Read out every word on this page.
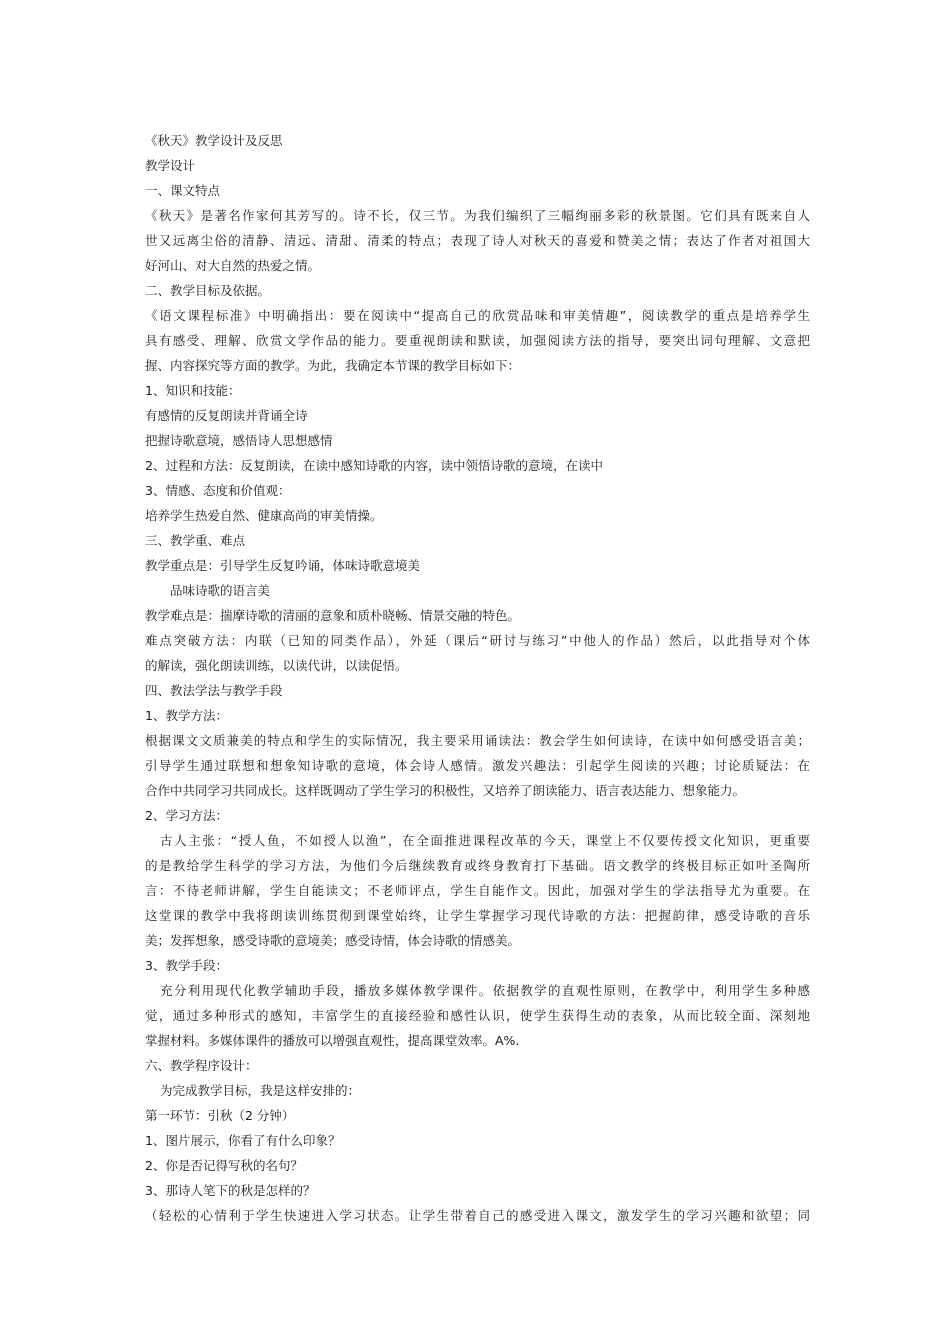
《秋天》教学设计及反思
教学设计
一、课文特点
《秋天》是著名作家何其芳写的。诗不长，仅三节。为我们编织了三幅绚丽多彩的秋景图。它们具有既来自人
世又远离尘俗的清静、清远、清甜、清柔的特点；表现了诗人对秋天的喜爱和赞美之情；表达了作者对祖国大
好河山、对大自然的热爱之情。
二、教学目标及依据。
《语文课程标准》中明确指出：要在阅读中“提高自己的欣赏品味和审美情趣”，阅读教学的重点是培养学生
具有感受、理解、欣赏文学作品的能力。要重视朗读和默读，加强阅读方法的指导，要突出词句理解、文意把
握、内容探究等方面的教学。为此，我确定本节课的教学目标如下：
1、知识和技能：
有感情的反复朗读并背诵全诗
把握诗歌意境，感悟诗人思想感情
2、过程和方法：反复朗读，在读中感知诗歌的内容，读中领悟诗歌的意境，在读中
3、情感、态度和价值观：
培养学生热爱自然、健康高尚的审美情操。
三、教学重、难点
教学重点是：引导学生反复吟诵，体味诗歌意境美
品味诗歌的语言美
教学难点是：揣摩诗歌的清丽的意象和质朴晓畅、情景交融的特色。
难点突破方法：内联（已知的同类作品），外延（课后“研讨与练习”中他人的作品）然后，以此指导对个体
的解读，强化朗读训练，以读代讲，以读促悟。
四、教法学法与教学手段
1、教学方法：
根据课文文质兼美的特点和学生的实际情况，我主要采用诵读法：教会学生如何读诗，在读中如何感受语言美；
引导学生通过联想和想象知诗歌的意境，体会诗人感情。激发兴趣法：引起学生阅读的兴趣；讨论质疑法：在
合作中共同学习共同成长。这样既调动了学生学习的积极性，又培养了朗读能力、语言表达能力、想象能力。
2、学习方法：
古人主张：“授人鱼，不如授人以渔”，在全面推进课程改革的今天，课堂上不仅要传授文化知识，更重要
的是教给学生科学的学习方法，为他们今后继续教育或终身教育打下基础。语文教学的终极目标正如叶圣陶所
言：不待老师讲解，学生自能读文；不老师评点，学生自能作文。因此，加强对学生的学法指导尤为重要。在
这堂课的教学中我将朗读训练贯彻到课堂始终，让学生掌握学习现代诗歌的方法：把握韵律，感受诗歌的音乐
美；发挥想象，感受诗歌的意境美；感受诗情，体会诗歌的情感美。
3、教学手段：
充分利用现代化教学辅助手段，播放多媒体教学课件。依据教学的直观性原则，在教学中，利用学生多种感
觉，通过多种形式的感知，丰富学生的直接经验和感性认识，使学生获得生动的表象，从而比较全面、深刻地
掌握材料。多媒体课件的播放可以增强直观性，提高课堂效率。A%.
六、教学程序设计：
为完成教学目标，我是这样安排的：
第一环节：引秋（2 分钟）
1、图片展示，你看了有什么印象？
2、你是否记得写秋的名句？
3、那诗人笔下的秋是怎样的？
（轻松的心情利于学生快速进入学习状态。让学生带着自己的感受进入课文，激发学生的学习兴趣和欲望；同
